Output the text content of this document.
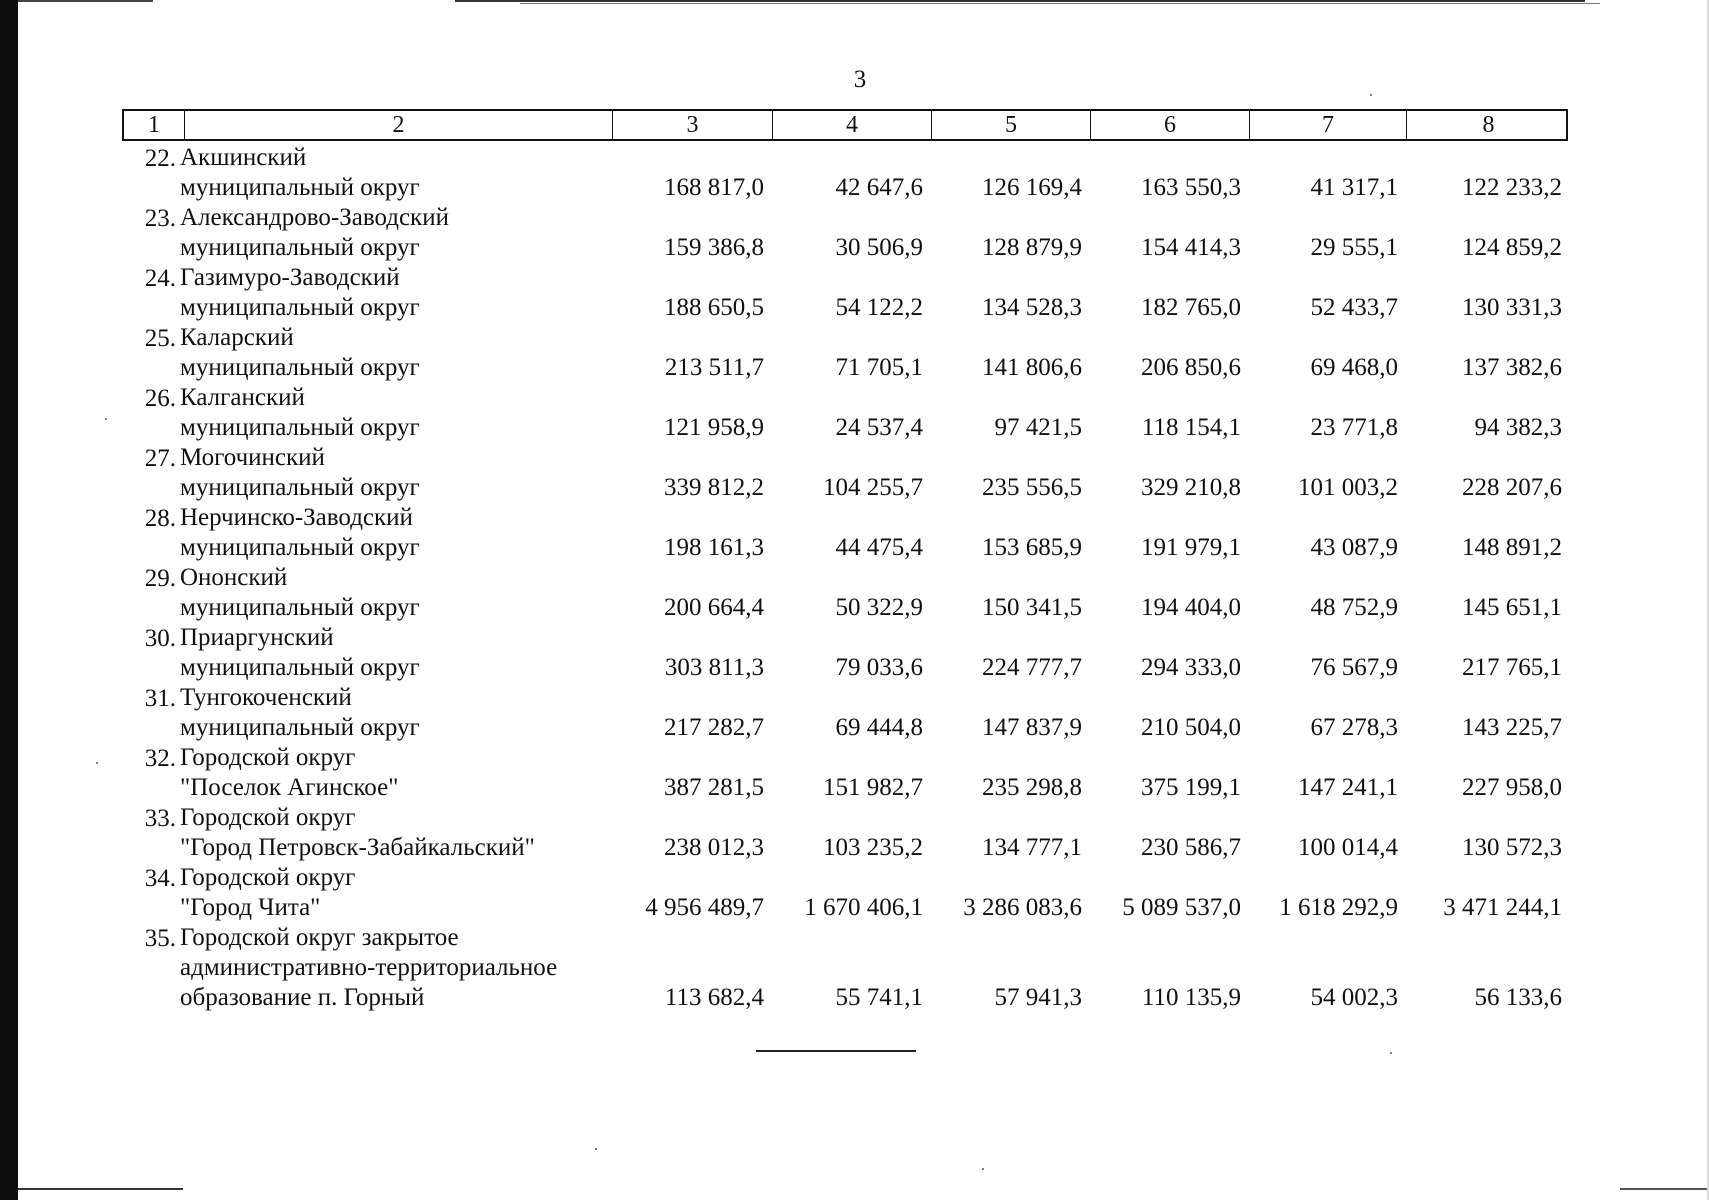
3
1	2	3	4	5	6	7	8
22. Акшинский
муниципальный округ	168 817,0	42 647,6	126 169,4	163 550,3	41 317,1	122 233,2
23. Александрово-Заводский
муниципальный округ	159 386,8	30 506,9	128 879,9	154 414,3	29 555,1	124 859,2
24. Газимуро-Заводский
муниципальный округ	188 650,5	54 122,2	134 528,3	182 765,0	52 433,7	130 331,3
25. Каларский
муниципальный округ	213 511,7	71 705,1	141 806,6	206 850,6	69 468,0	137 382,6
26. Калганский
муниципальный округ	121 958,9	24 537,4	97 421,5	118 154,1	23 771,8	94 382,3
27. Могочинский
муниципальный округ	339 812,2	104 255,7	235 556,5	329 210,8	101 003,2	228 207,6
28. Нерчинско-Заводский
муниципальный округ	198 161,3	44 475,4	153 685,9	191 979,1	43 087,9	148 891,2
29. Ононский
муниципальный округ	200 664,4	50 322,9	150 341,5	194 404,0	48 752,9	145 651,1
30. Приаргунский
муниципальный округ	303 811,3	79 033,6	224 777,7	294 333,0	76 567,9	217 765,1
31. Тунгокоченский
муниципальный округ	217 282,7	69 444,8	147 837,9	210 504,0	67 278,3	143 225,7
32. Городской округ
"Поселок Агинское"	387 281,5	151 982,7	235 298,8	375 199,1	147 241,1	227 958,0
33. Городской округ
"Город Петровск-Забайкальский"	238 012,3	103 235,2	134 777,1	230 586,7	100 014,4	130 572,3
34. Городской округ
"Город Чита"	4 956 489,7	1 670 406,1	3 286 083,6	5 089 537,0	1 618 292,9	3 471 244,1
35. Городской округ закрытое
административно-территориальное
образование п. Горный	113 682,4	55 741,1	57 941,3	110 135,9	54 002,3	56 133,6
